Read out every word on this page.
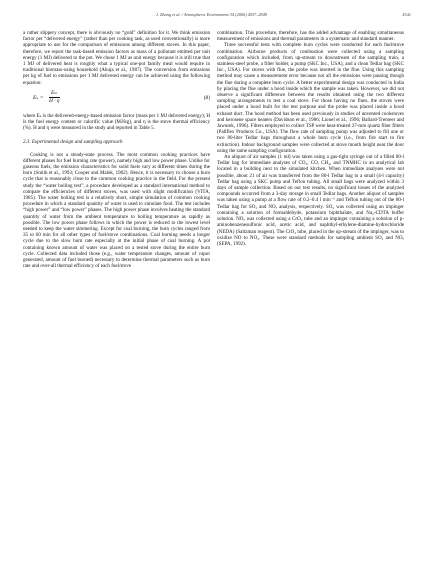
J. Zhang et al. / Atmospheric Environment 34 (2000) 4537–4549	4541

a rather slippery concept, there is obviously no “gold” definition for it. We think emission factor per “delivered energy” (rather than per cooking task, as used conventionally) is more appropriate to use for the comparison of emissions among different stoves. In this paper, therefore, we report the task-based emission factors as mass of a pollutant emitted per unit energy (1 MJ) delivered to the pot. We chose 1 MJ as unit energy because it is still true that 1 MJ of delivered heat is roughly what a typical one-pot family meal would require in traditional biomass-using household (Ahuja et al., 1987). The conversion from emissions per kg of fuel to emissions per 1 MJ delivered energy can be achieved using the following equation:

$E_s = \frac{\text{Eₘ}}{H \cdot \eta}$	(8)

where Eₛ is the delivered-energy-based emission factor (mass per 1 MJ delivered energy); H is the fuel energy content or calorific value (MJ/kg), and η is the stove thermal efficiency (%). H and η were measured in the study and reported in Table 5.

2.3. Experimental design and sampling approach

Cooking is not a steady-state process. The most common cooking practices have different phases for fuel burning rate (power), namely high and low power phase. Unlike for gaseous fuels, the emission characteristics for solid fuels vary at different times during the burn (Smith et al., 1993; Cooper and Malek, 1982). Hence, it is necessary to choose a burn cycle that is reasonably close to the common cooking practice in the field. For the present study the “water boiling test”, a procedure developed as a standard international method to compare the efficiencies of different stoves, was used with slight modification (VITA, 1985). The water boiling test is a relatively short, simple simulation of common cooking procedure in which a standard quantity of water is used to simulate food. The test includes “high power” and “low power” phases. The high power phase involves heating the standard quantity of water from the ambient temperature to boiling temperature as rapidly as possible. The low power phase follows in which the power is reduced to the lowest level needed to keep the water simmering. Except for coal burning, the burn cycles ranged from 35 to 60 min for all other types of fuel/stove combinations. Coal burning needs a longer cycle due to the slow burn rate especially at the initial phase of coal burning. A pot containing known amount of water was placed on a tested stove during the entire burn cycle. Collected data included those (e.g., water temperature changes, amount of vapor generated, amount of fuel burned) necessary to determine thermal parameters such as burn rate and over-all thermal efficiency of each fuel/stove

combination. This procedure, therefore, has the added advantage of enabling simultaneous measurement of emissions and thermal parameters in a systematic and standard manner.

Three successful tests with complete burn cycles were conducted for each fuel/stove combination. Airborne products of combustion were collected using a sampling configuration which included, from up-stream to downstream of the sampling train, a stainless-steel probe, a filter holder, a pump (SKC Inc., USA), and a clean Tedlar bag (SKC Inc., USA). For stoves with flue, the probe was inserted in the flue. Using this sampling method may cause a measurement error because not all the emissions were passing though the flue during a complete burn cycle. A better experimental design was conducted in India by placing the flue under a hood inside which the sample was taken. However, we did not observe a significant difference between the results obtained using the two different sampling arrangements to test a coal stove. For those having no flues, the stoves were placed under a hood built for the test purpose and the probe was placed inside a hood exhaust duct. The hood method has been used previously in studies of unvented cookstoves and kerosene space heaters (Davidson et al., 1986; Lionel et al., 1996; Ballard-Tremeer and Jawurek, 1996). Filters employed to collect TSP were heat-treated 37-mm quartz fiber filters (Pallflex Products Co., USA). The flow rate of sampling pump was adjusted to fill one or two 80-liter Tedlar bags throughout a whole burn cycle (i.e., from fire start to fire extinction). Indoor background samples were collected at stove mouth height near the door using the same sampling configuration.

An aliquot of air samples (1 ml) was taken using a gas-tight syringe out of a filled 80-l Tedlar bag for immediate analyses of CO₂, CO, CH₄, and TNMHC in an analytical lab located in a building next to the simulated kitchen. When immediate analyses were not possible, about 21 of air was transferred from the 80-l Tedlar bag to a small (4-l capacity) Tedlar bag using a SKC pump and Teflon tubing. All small bags were analyzed within 3 days of sample collection. Based on our test results, no significant losses of the analyzed compounds occurred from a 3-day storage in small Tedlar bags. Another aliquot of samples was taken using a pump at a flow rate of 0.2–0.4 l min⁻¹ and Teflon tubing out of the 80-l Tedlar bag for SO₂ and NOₓ analysis, respectively. SO₂ was collected using an impinger containing a solution of formaldehyde, potassium biphthalate, and Na₂-CDTA buffer solution. NOₓ was collected using a CrO₃ tube and an impinger containing a solution of p-aminobenzenesulfonic acid, acetic acid, and naphthyl-ethylene-diamine-hydrochloride (NEDA) (Saltzman reagent). The CrO₃ tube, placed in the up-stream of the impinger, was to oxidize NO to NO₂. These were standard methods for sampling ambient SO₂ and NOₓ (SEPA, 1992).
